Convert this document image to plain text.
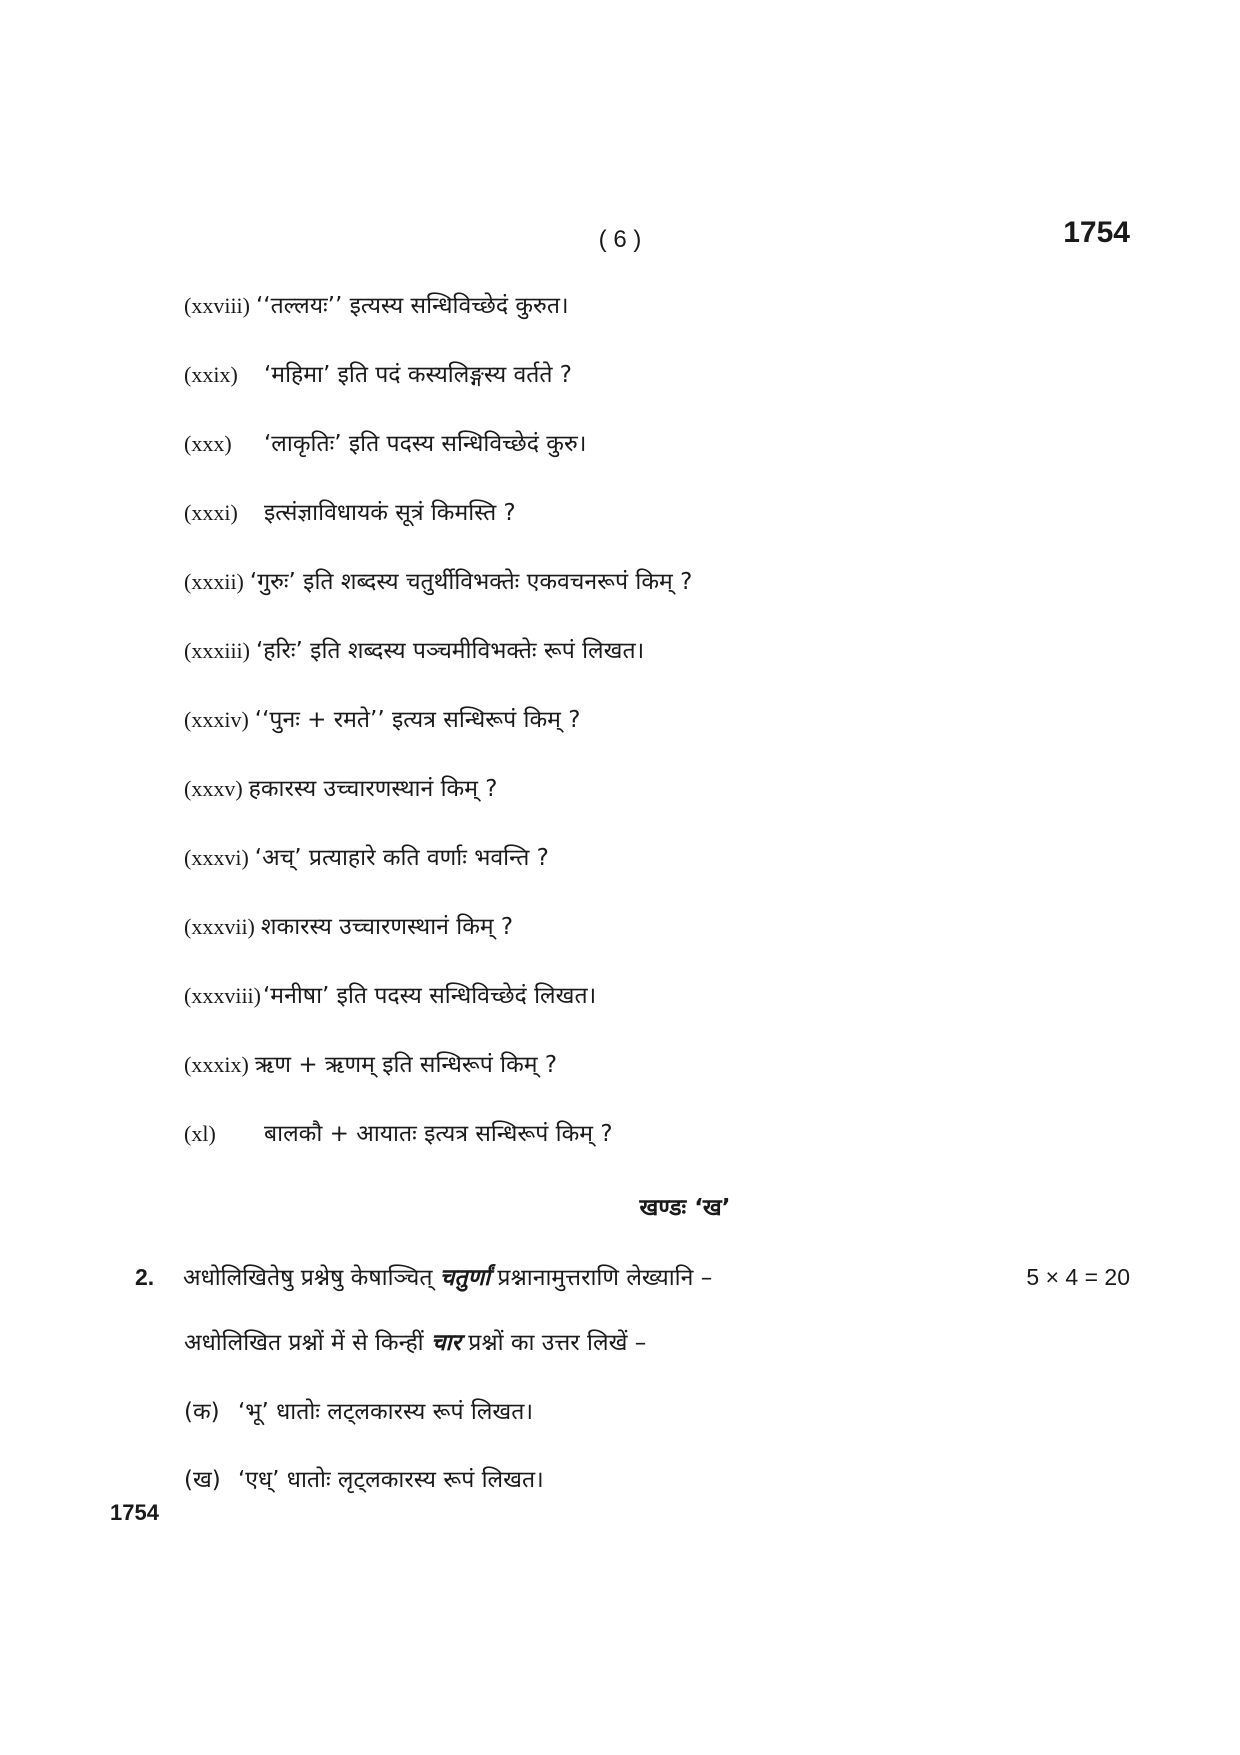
( 6 )	1754
(xxviii) ‘‘तल्लयः’’ इत्यस्य सन्धिविच्छेदं कुरुत।
(xxix)	‘महिमा’ इति पदं कस्यलिङ्गस्य वर्तते ?
(xxx)	‘लाकृतिः’ इति पदस्य सन्धिविच्छेदं कुरु।
(xxxi)	इत्संज्ञाविधायकं सूत्रं किमस्ति ?
(xxxii) ‘गुरुः’ इति शब्दस्य चतुर्थीविभक्तेः एकवचनरूपं किम् ?
(xxxiii) ‘हरिः’ इति शब्दस्य पञ्चमीविभक्तेः रूपं लिखत।
(xxxiv) ‘‘पुनः + रमते’’ इत्यत्र सन्धिरूपं किम् ?
(xxxv) हकारस्य उच्चारणस्थानं किम् ?
(xxxvi) ‘अच्’ प्रत्याहारे कति वर्णाः भवन्ति ?
(xxxvii) शकारस्य उच्चारणस्थानं किम् ?
(xxxviii) ‘मनीषा’ इति पदस्य सन्धिविच्छेदं लिखत।
(xxxix) ऋण + ऋणम् इति सन्धिरूपं किम् ?
(xl)	बालकौ + आयातः इत्यत्र सन्धिरूपं किम् ?
खण्डः ‘ख’
2.	अधोलिखितेषु प्रश्नेषु केषाञ्चित् चतुर्णां प्रश्नानामुत्तराणि लेख्यानि –	5 × 4 = 20
अधोलिखित प्रश्नों में से किन्हीं चार प्रश्नों का उत्तर लिखें –
(क) ‘भू’ धातोः लट्लकारस्य रूपं लिखत।
(ख) ‘एध्’ धातोः लृट्लकारस्य रूपं लिखत।
1754
